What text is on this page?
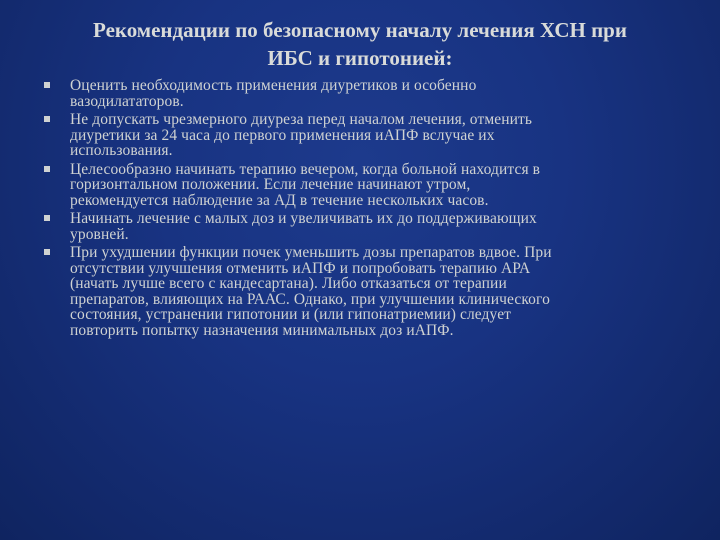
Рекомендации по безопасному началу лечения ХСН при
ИБС и гипотонией:
Оценить необходимость применения диуретиков и особенно
вазодилататоров.
Не допускать чрезмерного диуреза перед началом лечения, отменить
диуретики за 24 часа до первого применения иАПФ вслучае их
использования.
Целесообразно начинать терапию вечером, когда больной находится в
горизонтальном положении. Если лечение начинают утром,
рекомендуется наблюдение за АД в течение нескольких часов.
Начинать лечение с малых доз и увеличивать их до поддерживающих
уровней.
При ухудшении функции почек уменьшить дозы препаратов вдвое. При
отсутствии улучшения отменить иАПФ и попробовать терапию АРА
(начать лучше всего с кандесартана). Либо отказаться от терапии
препаратов, влияющих на РААС. Однако, при улучшении клинического
состояния, устранении гипотонии и (или гипонатриемии) следует
повторить попытку назначения минимальных доз иАПФ.
